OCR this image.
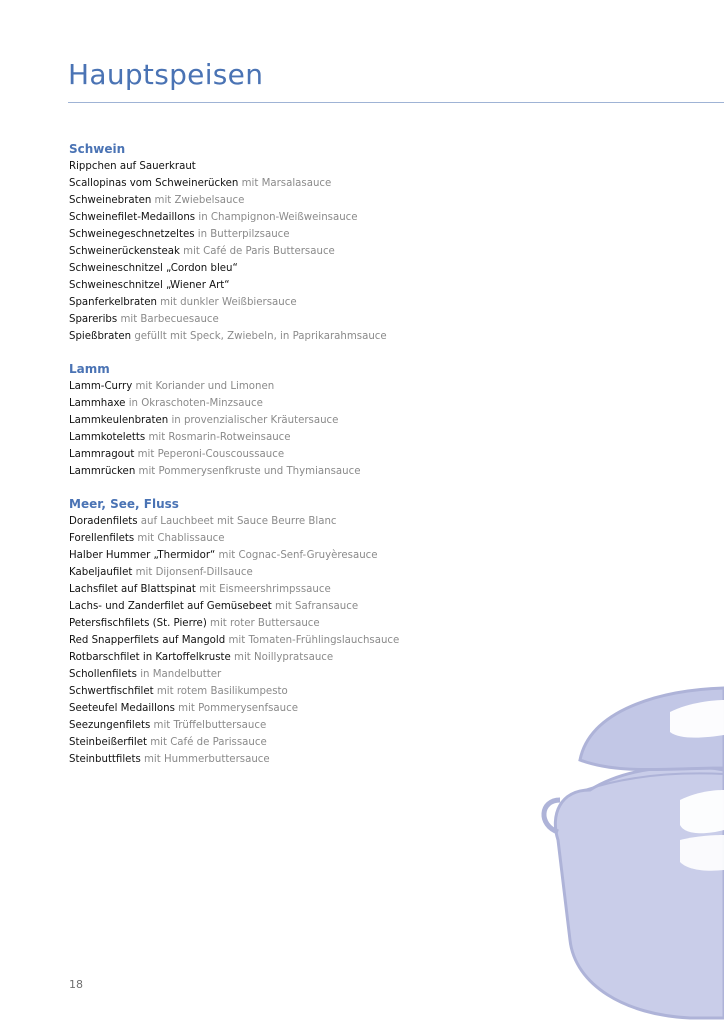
Hauptspeisen
Schwein
Rippchen auf Sauerkraut
Scallopinas vom Schweinerücken mit Marsalasauce
Schweinebraten mit Zwiebelsauce
Schweinefilet-Medaillons in Champignon-Weißweinsauce
Schweinegeschnetzeltes in Butterpilzsauce
Schweinerückensteak mit Café de Paris Buttersauce
Schweineschnitzel „Cordon bleu“
Schweineschnitzel „Wiener Art“
Spanferkelbraten mit dunkler Weißbiersauce
Spareribs mit Barbecuesauce
Spießbraten gefüllt mit Speck, Zwiebeln, in Paprikarahmsauce
Lamm
Lamm-Curry mit Koriander und Limonen
Lammhaxe in Okraschoten-Minzsauce
Lammkeulenbraten in provenzialischer Kräutersauce
Lammkoteletts mit Rosmarin-Rotweinsauce
Lammragout mit Peperoni-Couscoussauce
Lammrücken mit Pommerysenfkruste und Thymiansauce
Meer, See, Fluss
Doradenfilets auf Lauchbeet mit Sauce Beurre Blanc
Forellenfilets mit Chablissauce
Halber Hummer „Thermidor“ mit Cognac-Senf-Gruyèresauce
Kabeljaufilet mit Dijonsenf-Dillsauce
Lachsfilet auf Blattspinat mit Eismeershrimpssauce
Lachs- und Zanderfilet auf Gemüsebeet mit Safransauce
Petersfischfilets (St. Pierre) mit roter Buttersauce
Red Snapperfilets auf Mangold mit Tomaten-Frühlingslauchsauce
Rotbarschfilet in Kartoffelkruste mit Noillypratsauce
Schollenfilets in Mandelbutter
Schwertfischfilet mit rotem Basilikumpesto
Seeteufel Medaillons mit Pommerysenfsauce
Seezungenfilets mit Trüffelbuttersauce
Steinbeißerfilet mit Café de Parissauce
Steinbuttfilets mit Hummerbuttersauce
18
